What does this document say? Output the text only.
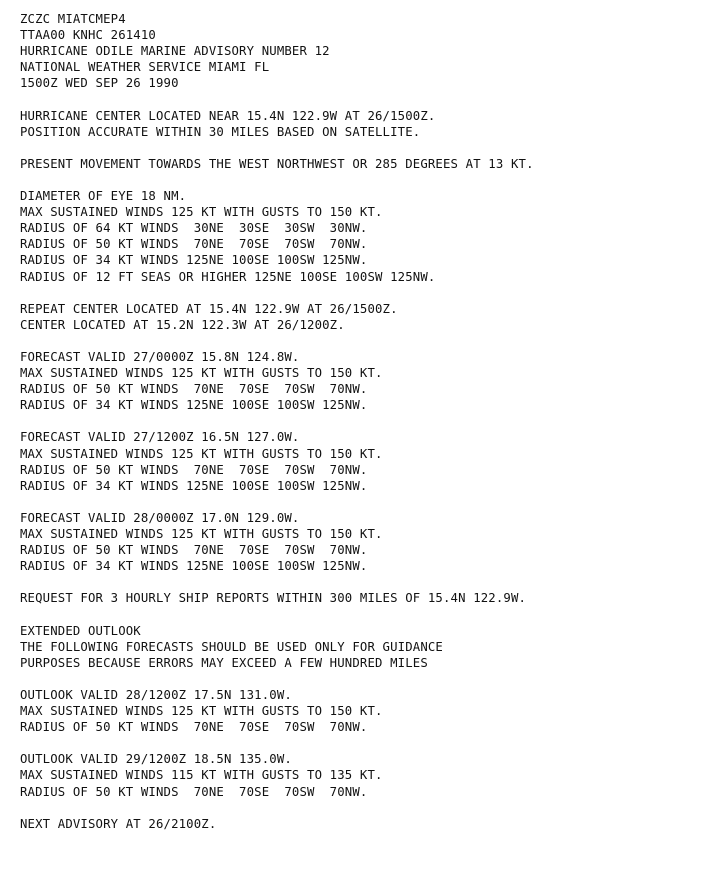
ZCZC MIATCMEP4
TTAA00 KNHC 261410
HURRICANE ODILE MARINE ADVISORY NUMBER 12
NATIONAL WEATHER SERVICE MIAMI FL
1500Z WED SEP 26 1990
HURRICANE CENTER LOCATED NEAR 15.4N 122.9W AT 26/1500Z.
POSITION ACCURATE WITHIN 30 MILES BASED ON SATELLITE.
PRESENT MOVEMENT TOWARDS THE WEST NORTHWEST OR 285 DEGREES AT 13 KT.
DIAMETER OF EYE 18 NM.
MAX SUSTAINED WINDS 125 KT WITH GUSTS TO 150 KT.
RADIUS OF 64 KT WINDS  30NE  30SE  30SW  30NW.
RADIUS OF 50 KT WINDS  70NE  70SE  70SW  70NW.
RADIUS OF 34 KT WINDS 125NE 100SE 100SW 125NW.
RADIUS OF 12 FT SEAS OR HIGHER 125NE 100SE 100SW 125NW.
REPEAT CENTER LOCATED AT 15.4N 122.9W AT 26/1500Z.
CENTER LOCATED AT 15.2N 122.3W AT 26/1200Z.
FORECAST VALID 27/0000Z 15.8N 124.8W.
MAX SUSTAINED WINDS 125 KT WITH GUSTS TO 150 KT.
RADIUS OF 50 KT WINDS  70NE  70SE  70SW  70NW.
RADIUS OF 34 KT WINDS 125NE 100SE 100SW 125NW.
FORECAST VALID 27/1200Z 16.5N 127.0W.
MAX SUSTAINED WINDS 125 KT WITH GUSTS TO 150 KT.
RADIUS OF 50 KT WINDS  70NE  70SE  70SW  70NW.
RADIUS OF 34 KT WINDS 125NE 100SE 100SW 125NW.
FORECAST VALID 28/0000Z 17.0N 129.0W.
MAX SUSTAINED WINDS 125 KT WITH GUSTS TO 150 KT.
RADIUS OF 50 KT WINDS  70NE  70SE  70SW  70NW.
RADIUS OF 34 KT WINDS 125NE 100SE 100SW 125NW.
REQUEST FOR 3 HOURLY SHIP REPORTS WITHIN 300 MILES OF 15.4N 122.9W.
EXTENDED OUTLOOK
THE FOLLOWING FORECASTS SHOULD BE USED ONLY FOR GUIDANCE
PURPOSES BECAUSE ERRORS MAY EXCEED A FEW HUNDRED MILES
OUTLOOK VALID 28/1200Z 17.5N 131.0W.
MAX SUSTAINED WINDS 125 KT WITH GUSTS TO 150 KT.
RADIUS OF 50 KT WINDS  70NE  70SE  70SW  70NW.
OUTLOOK VALID 29/1200Z 18.5N 135.0W.
MAX SUSTAINED WINDS 115 KT WITH GUSTS TO 135 KT.
RADIUS OF 50 KT WINDS  70NE  70SE  70SW  70NW.
NEXT ADVISORY AT 26/2100Z.
